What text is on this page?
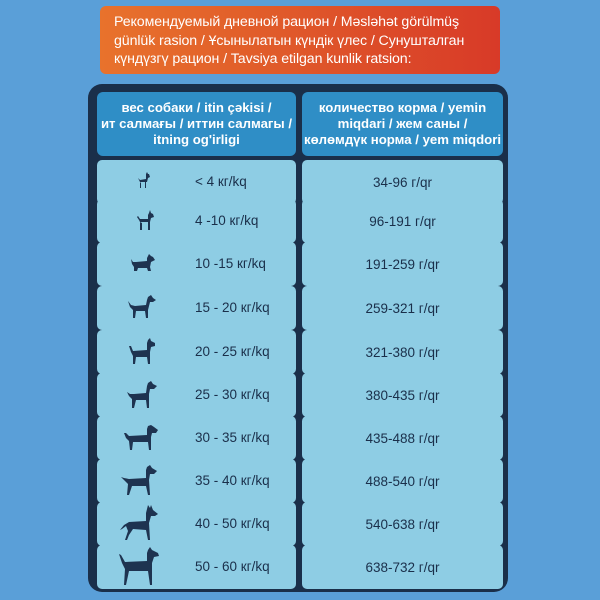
Рекомендуемый дневной рацион / Məsləhət görülmüş
günlük rasion / Ұсынылатын күндік үлес / Сунушталган
күндүзгү рацион / Tavsiya etilgan kunlik ratsion:
вес собаки / itin çəkisi /
ит салмағы / иттин салмагы /
itning og'irligi
количество корма / yemin
miqdari / жем саны /
көлөмдүк норма / yem miqdori
< 4 кг/kq	34-96 г/qr
4 -10 кг/kq	96-191 г/qr
10 -15 кг/kq	191-259 г/qr
15 - 20 кг/kq	259-321 г/qr
20 - 25 кг/kq	321-380 г/qr
25 - 30 кг/kq	380-435 г/qr
30 - 35 кг/kq	435-488 г/qr
35 - 40 кг/kq	488-540 г/qr
40 - 50 кг/kq	540-638 г/qr
50 - 60 кг/kq	638-732 г/qr
